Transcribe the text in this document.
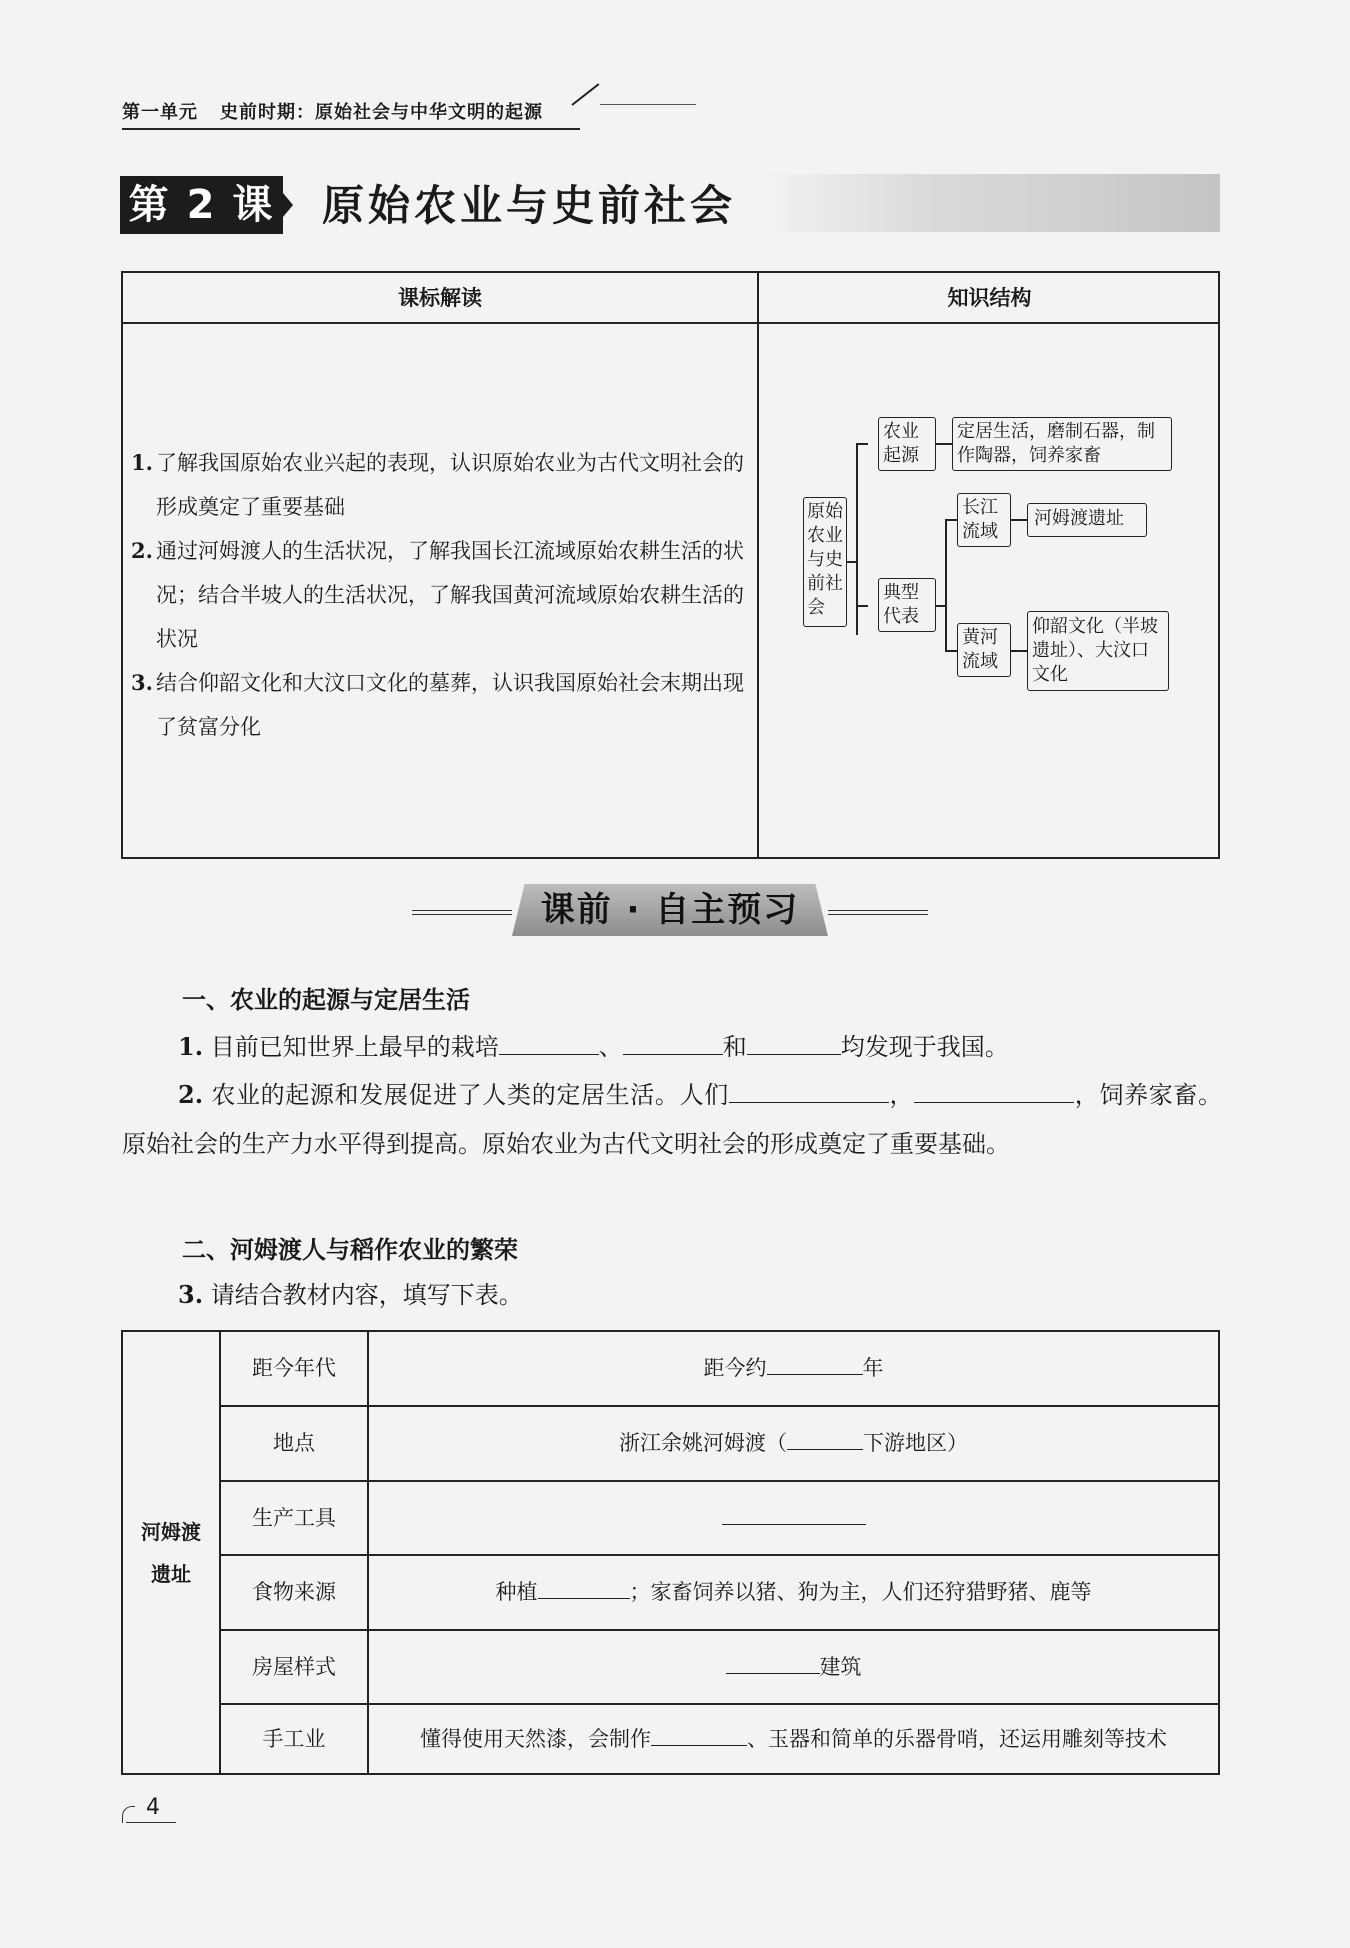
第一单元 史前时期：原始社会与中华文明的起源
第 2 课 原始农业与史前社会
课标解读	知识结构
1. 了解我国原始农业兴起的表现，认识原始农业为古代文明社会的形成奠定了重要基础
2. 通过河姆渡人的生活状况，了解我国长江流域原始农耕生活的状况；结合半坡人的生活状况，了解我国黄河流域原始农耕生活的状况
3. 结合仰韶文化和大汶口文化的墓葬，认识我国原始社会末期出现了贫富分化
原始农业与史前社会
农业起源
定居生活，磨制石器，制作陶器，饲养家畜
典型代表
长江流域
河姆渡遗址
黄河流域
仰韶文化（半坡遗址）、大汶口文化
课前 · 自主预习
一、农业的起源与定居生活
1. 目前已知世界上最早的栽培	、	和	均发现于我国。
2. 农业的起源和发展促进了人类的定居生活。人们	，	，饲养家畜。原始社会的生产力水平得到提高。原始农业为古代文明社会的形成奠定了重要基础。
二、河姆渡人与稻作农业的繁荣
3. 请结合教材内容，填写下表。
河姆渡遗址
距今年代	距今约	年
地点	浙江余姚河姆渡（	下游地区）
生产工具
食物来源	种植	；家畜饲养以猪、狗为主，人们还狩猎野猪、鹿等
房屋样式	建筑
手工业	懂得使用天然漆，会制作	、玉器和简单的乐器骨哨，还运用雕刻等技术
4
